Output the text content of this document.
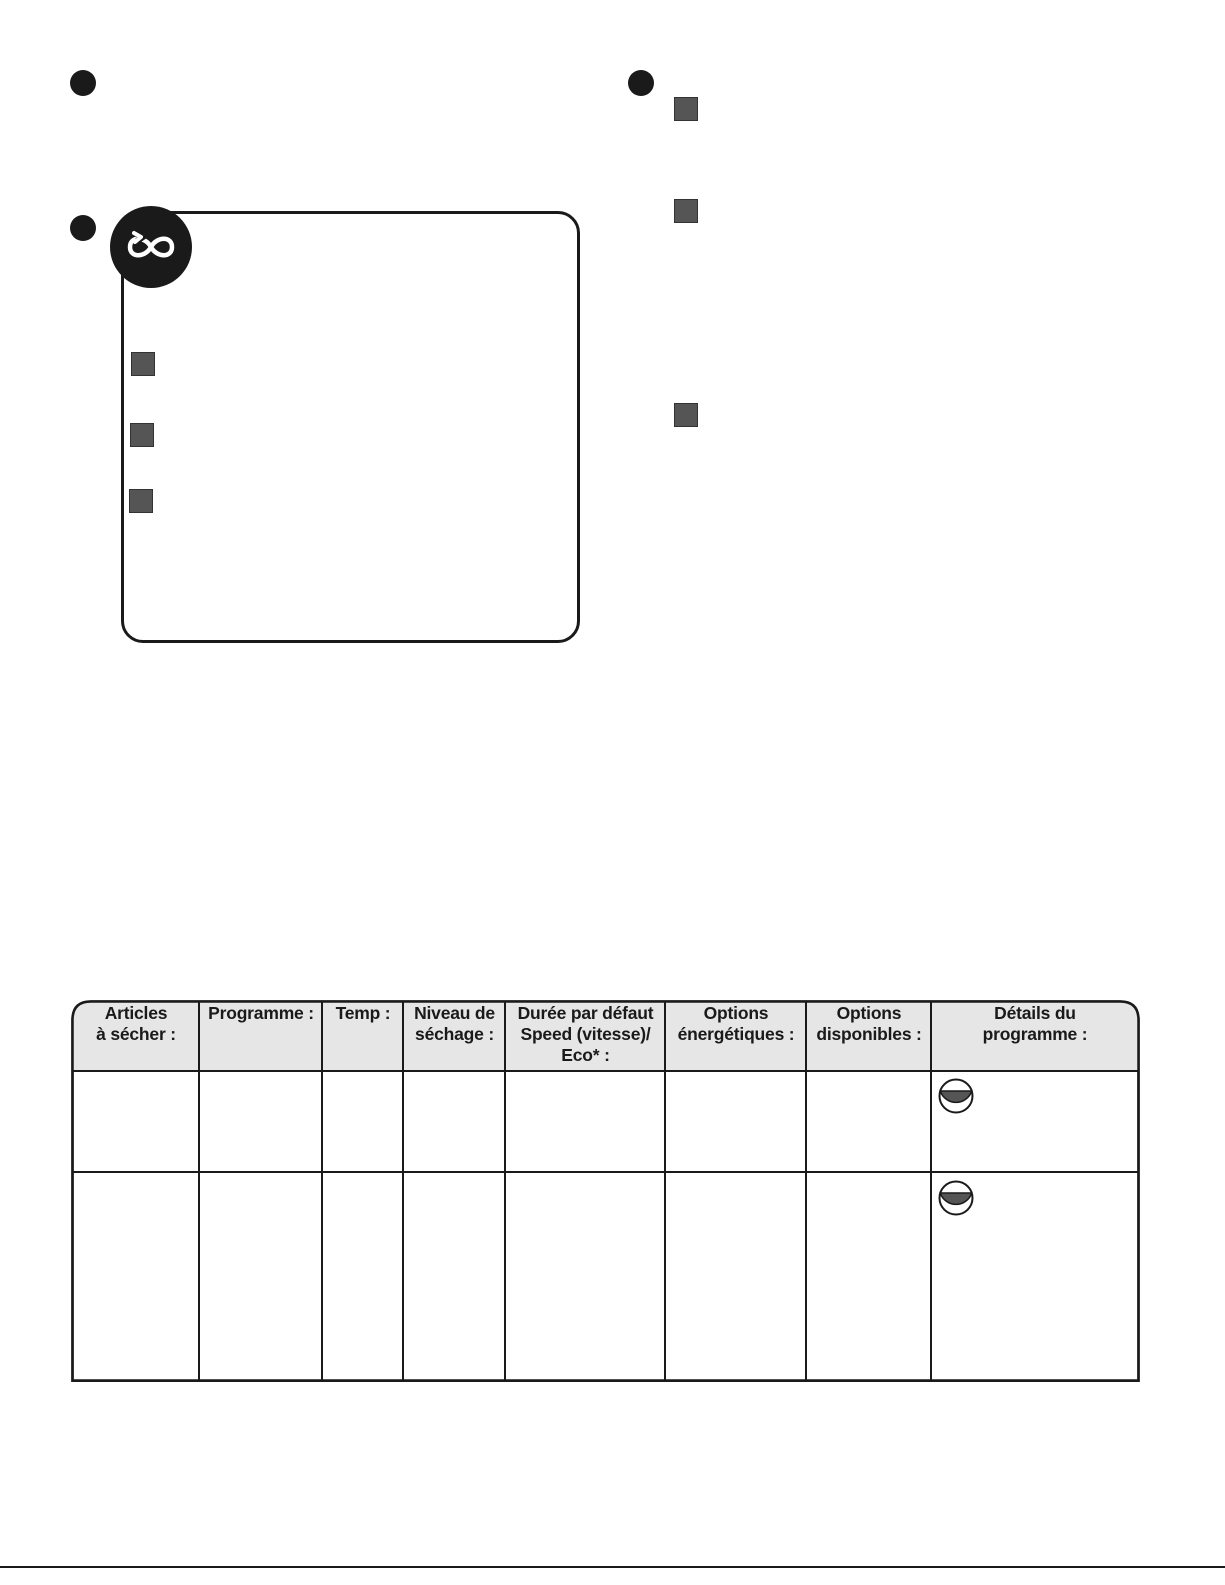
Articles
à sécher :
Programme : Temp : Niveau de
séchage :
Durée par défaut
Speed (vitesse)/
Eco* :
Options
énergétiques :
Options
disponibles :
Détails du
programme :
